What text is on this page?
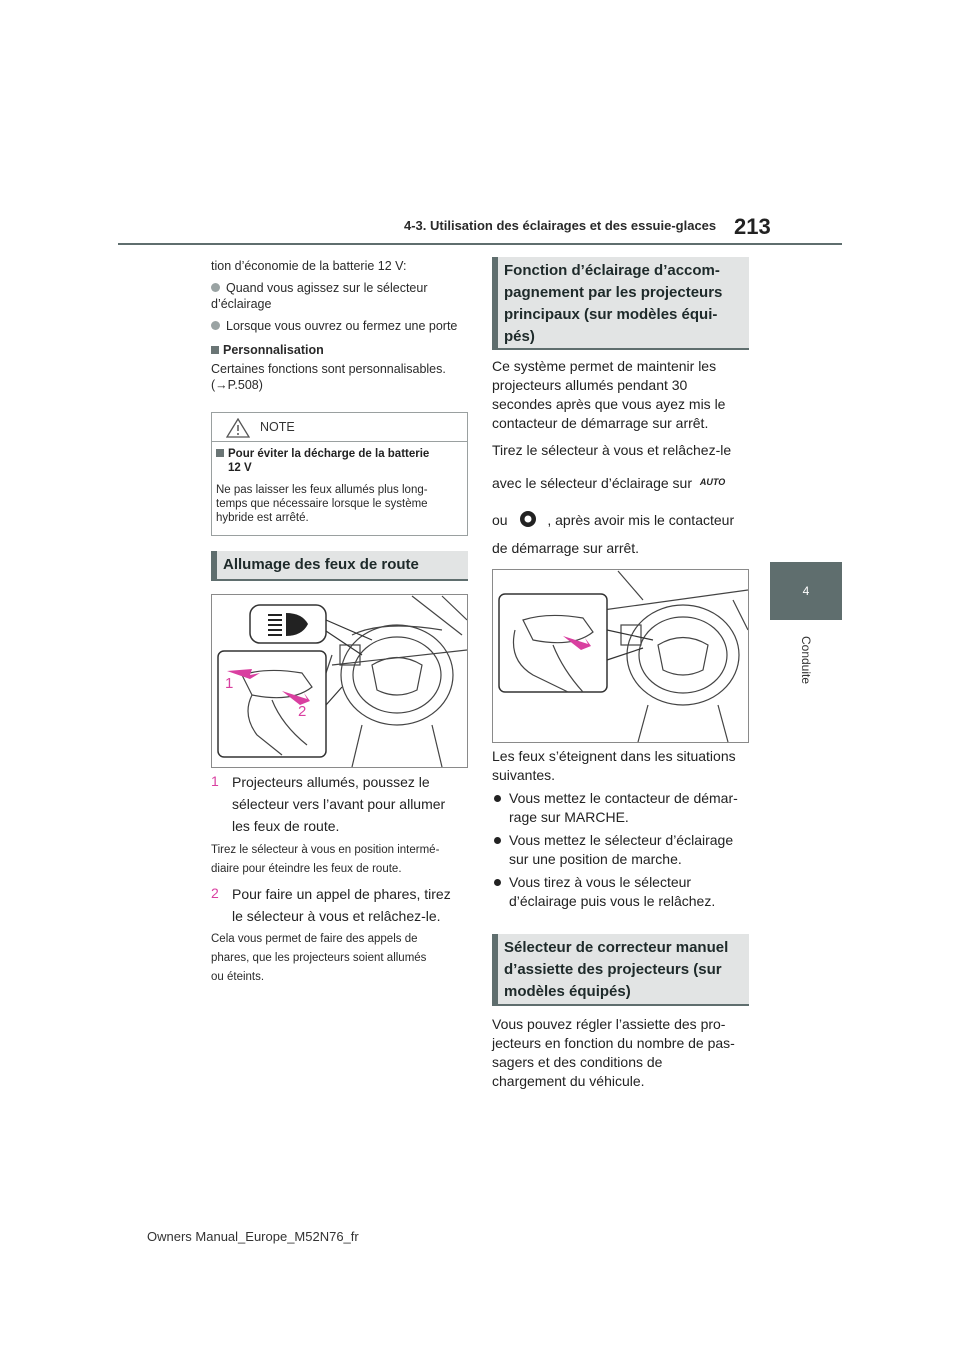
4-3. Utilisation des éclairages et des essuie-glaces 213
4
Conduite
tion d’économie de la batterie 12 V:
Quand vous agissez sur le sélecteur d’éclairage
Lorsque vous ouvrez ou fermez une porte
Personnalisation
Certaines fonctions sont personnalisables.
(→P.508)
NOTE
Pour éviter la décharge de la batterie
12 V
Ne pas laisser les feux allumés plus long-
temps que nécessaire lorsque le système
hybride est arrêté.
Allumage des feux de route
1
2
1 Projecteurs allumés, poussez le
sélecteur vers l’avant pour allumer
les feux de route.
Tirez le sélecteur à vous en position intermé-
diaire pour éteindre les feux de route.
2 Pour faire un appel de phares, tirez
le sélecteur à vous et relâchez-le.
Cela vous permet de faire des appels de
phares, que les projecteurs soient allumés
ou éteints.
Fonction d’éclairage d’accom-
pagnement par les projecteurs
principaux (sur modèles équi-
pés)
Ce système permet de maintenir les
projecteurs allumés pendant 30
secondes après que vous ayez mis le
contacteur de démarrage sur arrêt.
Tirez le sélecteur à vous et relâchez-le
avec le sélecteur d’éclairage sur $^{AUTO}$
ou	, après avoir mis le contacteur
de démarrage sur arrêt.
Les feux s’éteignent dans les situations
suivantes.
Vous mettez le contacteur de démar-
rage sur MARCHE.
Vous mettez le sélecteur d’éclairage
sur une position de marche.
Vous tirez à vous le sélecteur
d’éclairage puis vous le relâchez.
Sélecteur de correcteur manuel
d’assiette des projecteurs (sur
modèles équipés)
Vous pouvez régler l’assiette des pro-
jecteurs en fonction du nombre de pas-
sagers et des conditions de
chargement du véhicule.
Owners Manual_Europe_M52N76_fr
